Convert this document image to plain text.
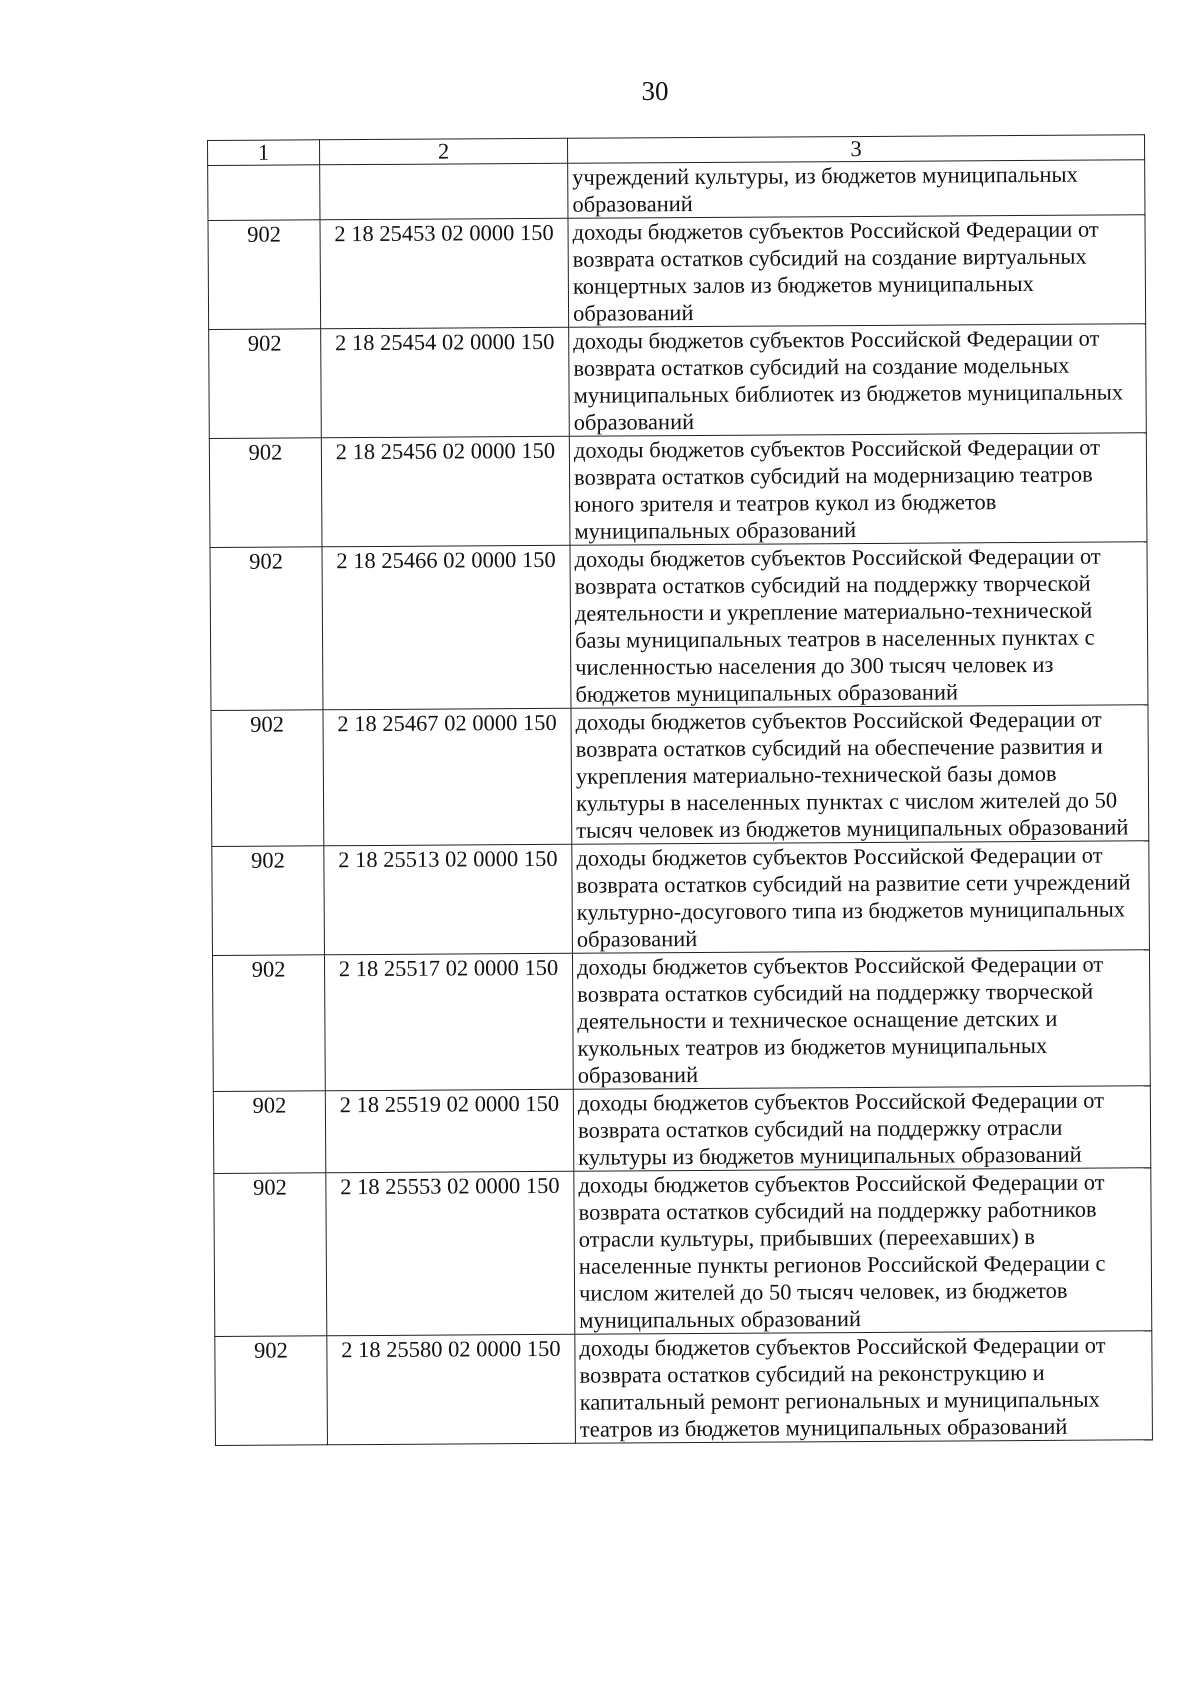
30
1	2	3
		учреждений культуры, из бюджетов муниципальных образований
902	2 18 25453 02 0000 150	доходы бюджетов субъектов Российской Федерации от возврата остатков субсидий на создание виртуальных концертных залов из бюджетов муниципальных образований
902	2 18 25454 02 0000 150	доходы бюджетов субъектов Российской Федерации от возврата остатков субсидий на создание модельных муниципальных библиотек из бюджетов муниципальных образований
902	2 18 25456 02 0000 150	доходы бюджетов субъектов Российской Федерации от возврата остатков субсидий на модернизацию театров юного зрителя и театров кукол из бюджетов муниципальных образований
902	2 18 25466 02 0000 150	доходы бюджетов субъектов Российской Федерации от возврата остатков субсидий на поддержку творческой деятельности и укрепление материально-технической базы муниципальных театров в населенных пунктах с численностью населения до 300 тысяч человек из бюджетов муниципальных образований
902	2 18 25467 02 0000 150	доходы бюджетов субъектов Российской Федерации от возврата остатков субсидий на обеспечение развития и укрепления материально-технической базы домов культуры в населенных пунктах с числом жителей до 50 тысяч человек из бюджетов муниципальных образований
902	2 18 25513 02 0000 150	доходы бюджетов субъектов Российской Федерации от возврата остатков субсидий на развитие сети учреждений культурно-досугового типа из бюджетов муниципальных образований
902	2 18 25517 02 0000 150	доходы бюджетов субъектов Российской Федерации от возврата остатков субсидий на поддержку творческой деятельности и техническое оснащение детских и кукольных театров из бюджетов муниципальных образований
902	2 18 25519 02 0000 150	доходы бюджетов субъектов Российской Федерации от возврата остатков субсидий на поддержку отрасли культуры из бюджетов муниципальных образований
902	2 18 25553 02 0000 150	доходы бюджетов субъектов Российской Федерации от возврата остатков субсидий на поддержку работников отрасли культуры, прибывших (переехавших) в населенные пункты регионов Российской Федерации с числом жителей до 50 тысяч человек, из бюджетов муниципальных образований
902	2 18 25580 02 0000 150	доходы бюджетов субъектов Российской Федерации от возврата остатков субсидий на реконструкцию и капитальный ремонт региональных и муниципальных театров из бюджетов муниципальных образований
